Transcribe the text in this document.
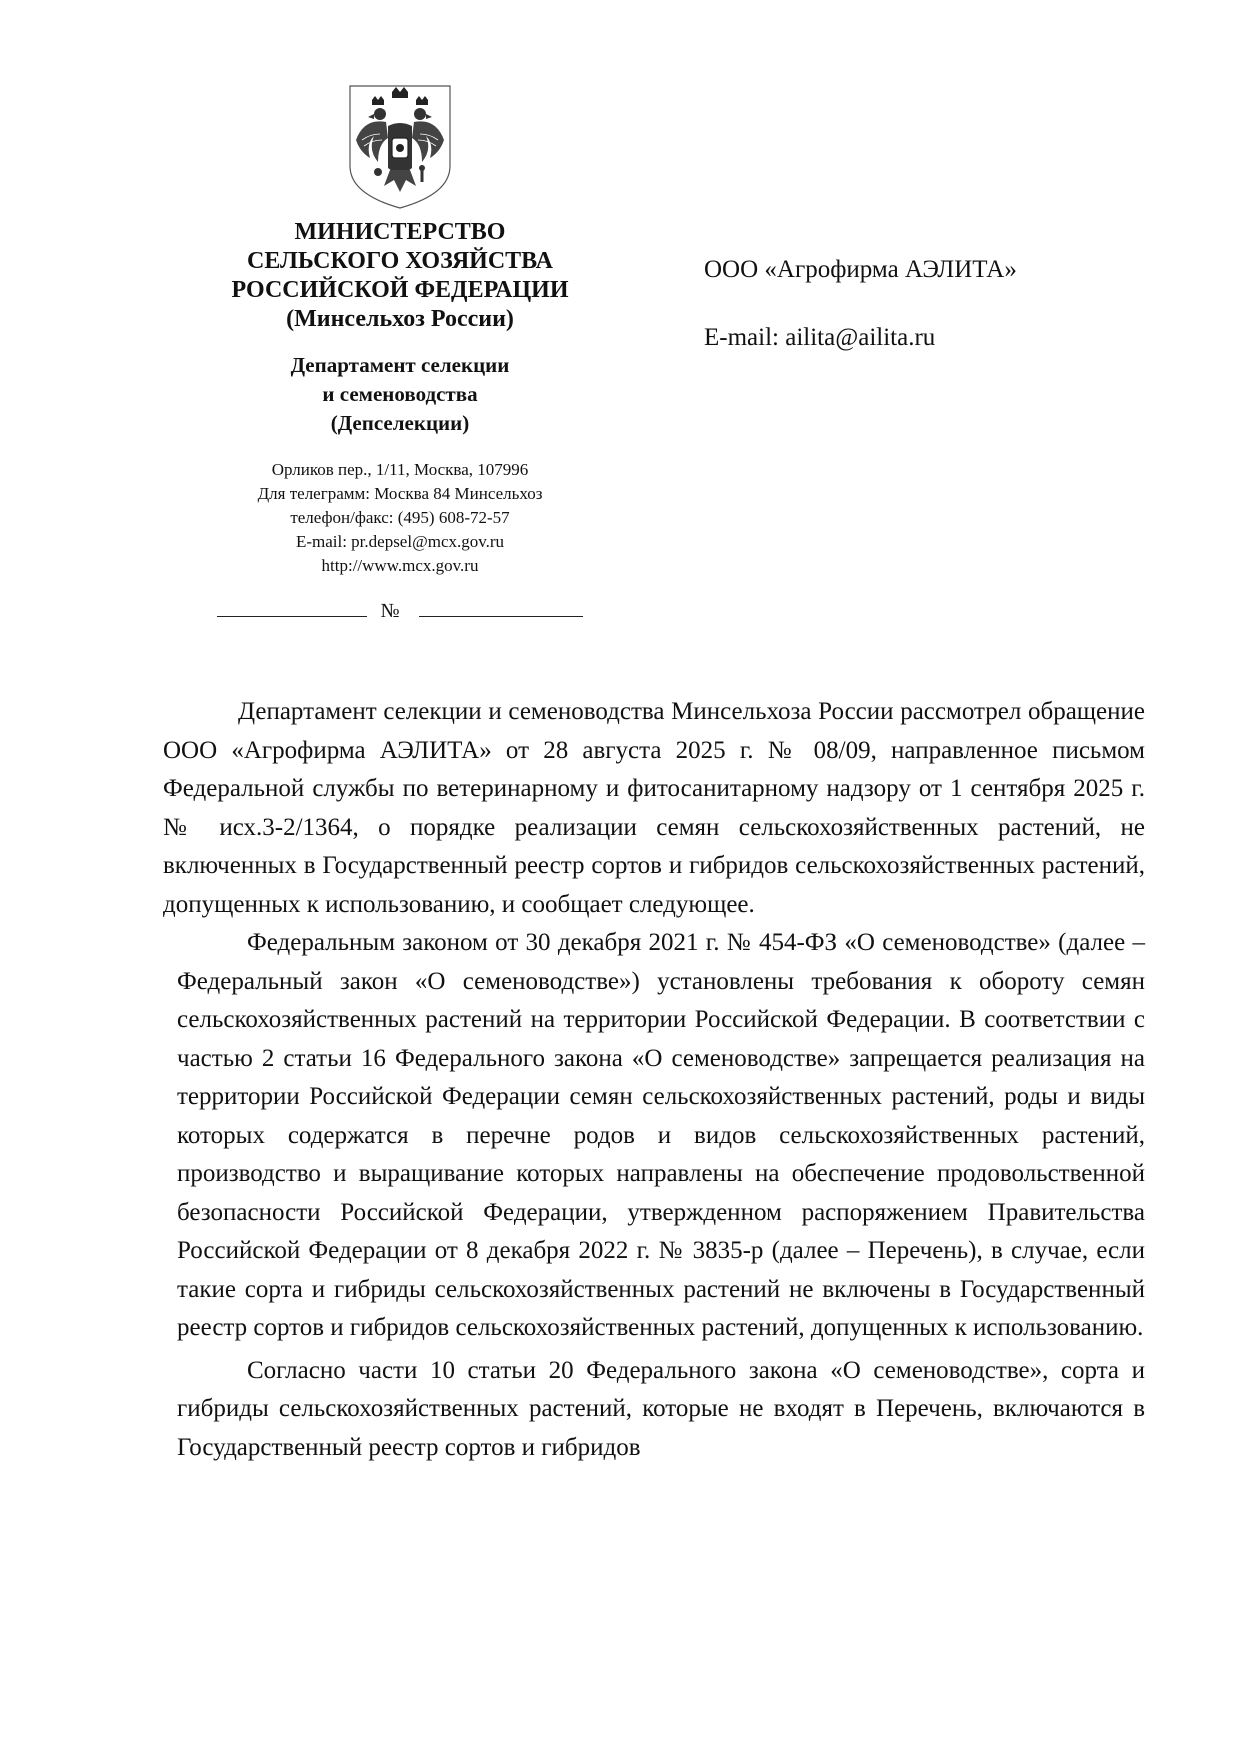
МИНИСТЕРСТВО
СЕЛЬСКОГО ХОЗЯЙСТВА
РОССИЙСКОЙ ФЕДЕРАЦИИ
(Минсельхоз России)
Департамент селекции
и семеноводства
(Депселекции)
Орликов пер., 1/11, Москва, 107996
Для телеграмм: Москва 84 Минсельхоз
телефон/факс: (495) 608-72-57
E-mail: pr.depsel@mcx.gov.ru
http://www.mcx.gov.ru
№
ООО «Агрофирма АЭЛИТА»
E-mail: ailita@ailita.ru

Департамент селекции и семеноводства Минсельхоза России рассмотрел обращение ООО «Агрофирма АЭЛИТА» от 28 августа 2025 г. № 08/09, направленное письмом Федеральной службы по ветеринарному и фитосанитарному надзору от 1 сентября 2025 г. № исх.3-2/1364, о порядке реализации семян сельскохозяйственных растений, не включенных в Государственный реестр сортов и гибридов сельскохозяйственных растений, допущенных к использованию, и сообщает следующее.

Федеральным законом от 30 декабря 2021 г. № 454-ФЗ «О семеноводстве» (далее – Федеральный закон «О семеноводстве») установлены требования к обороту семян сельскохозяйственных растений на территории Российской Федерации. В соответствии с частью 2 статьи 16 Федерального закона «О семеноводстве» запрещается реализация на территории Российской Федерации семян сельскохозяйственных растений, роды и виды которых содержатся в перечне родов и видов сельскохозяйственных растений, производство и выращивание которых направлены на обеспечение продовольственной безопасности Российской Федерации, утвержденном распоряжением Правительства Российской Федерации от 8 декабря 2022 г. № 3835-р (далее – Перечень), в случае, если такие сорта и гибриды сельскохозяйственных растений не включены в Государственный реестр сортов и гибридов сельскохозяйственных растений, допущенных к использованию.

Согласно части 10 статьи 20 Федерального закона «О семеноводстве», сорта и гибриды сельскохозяйственных растений, которые не входят в Перечень, включаются в Государственный реестр сортов и гибридов
